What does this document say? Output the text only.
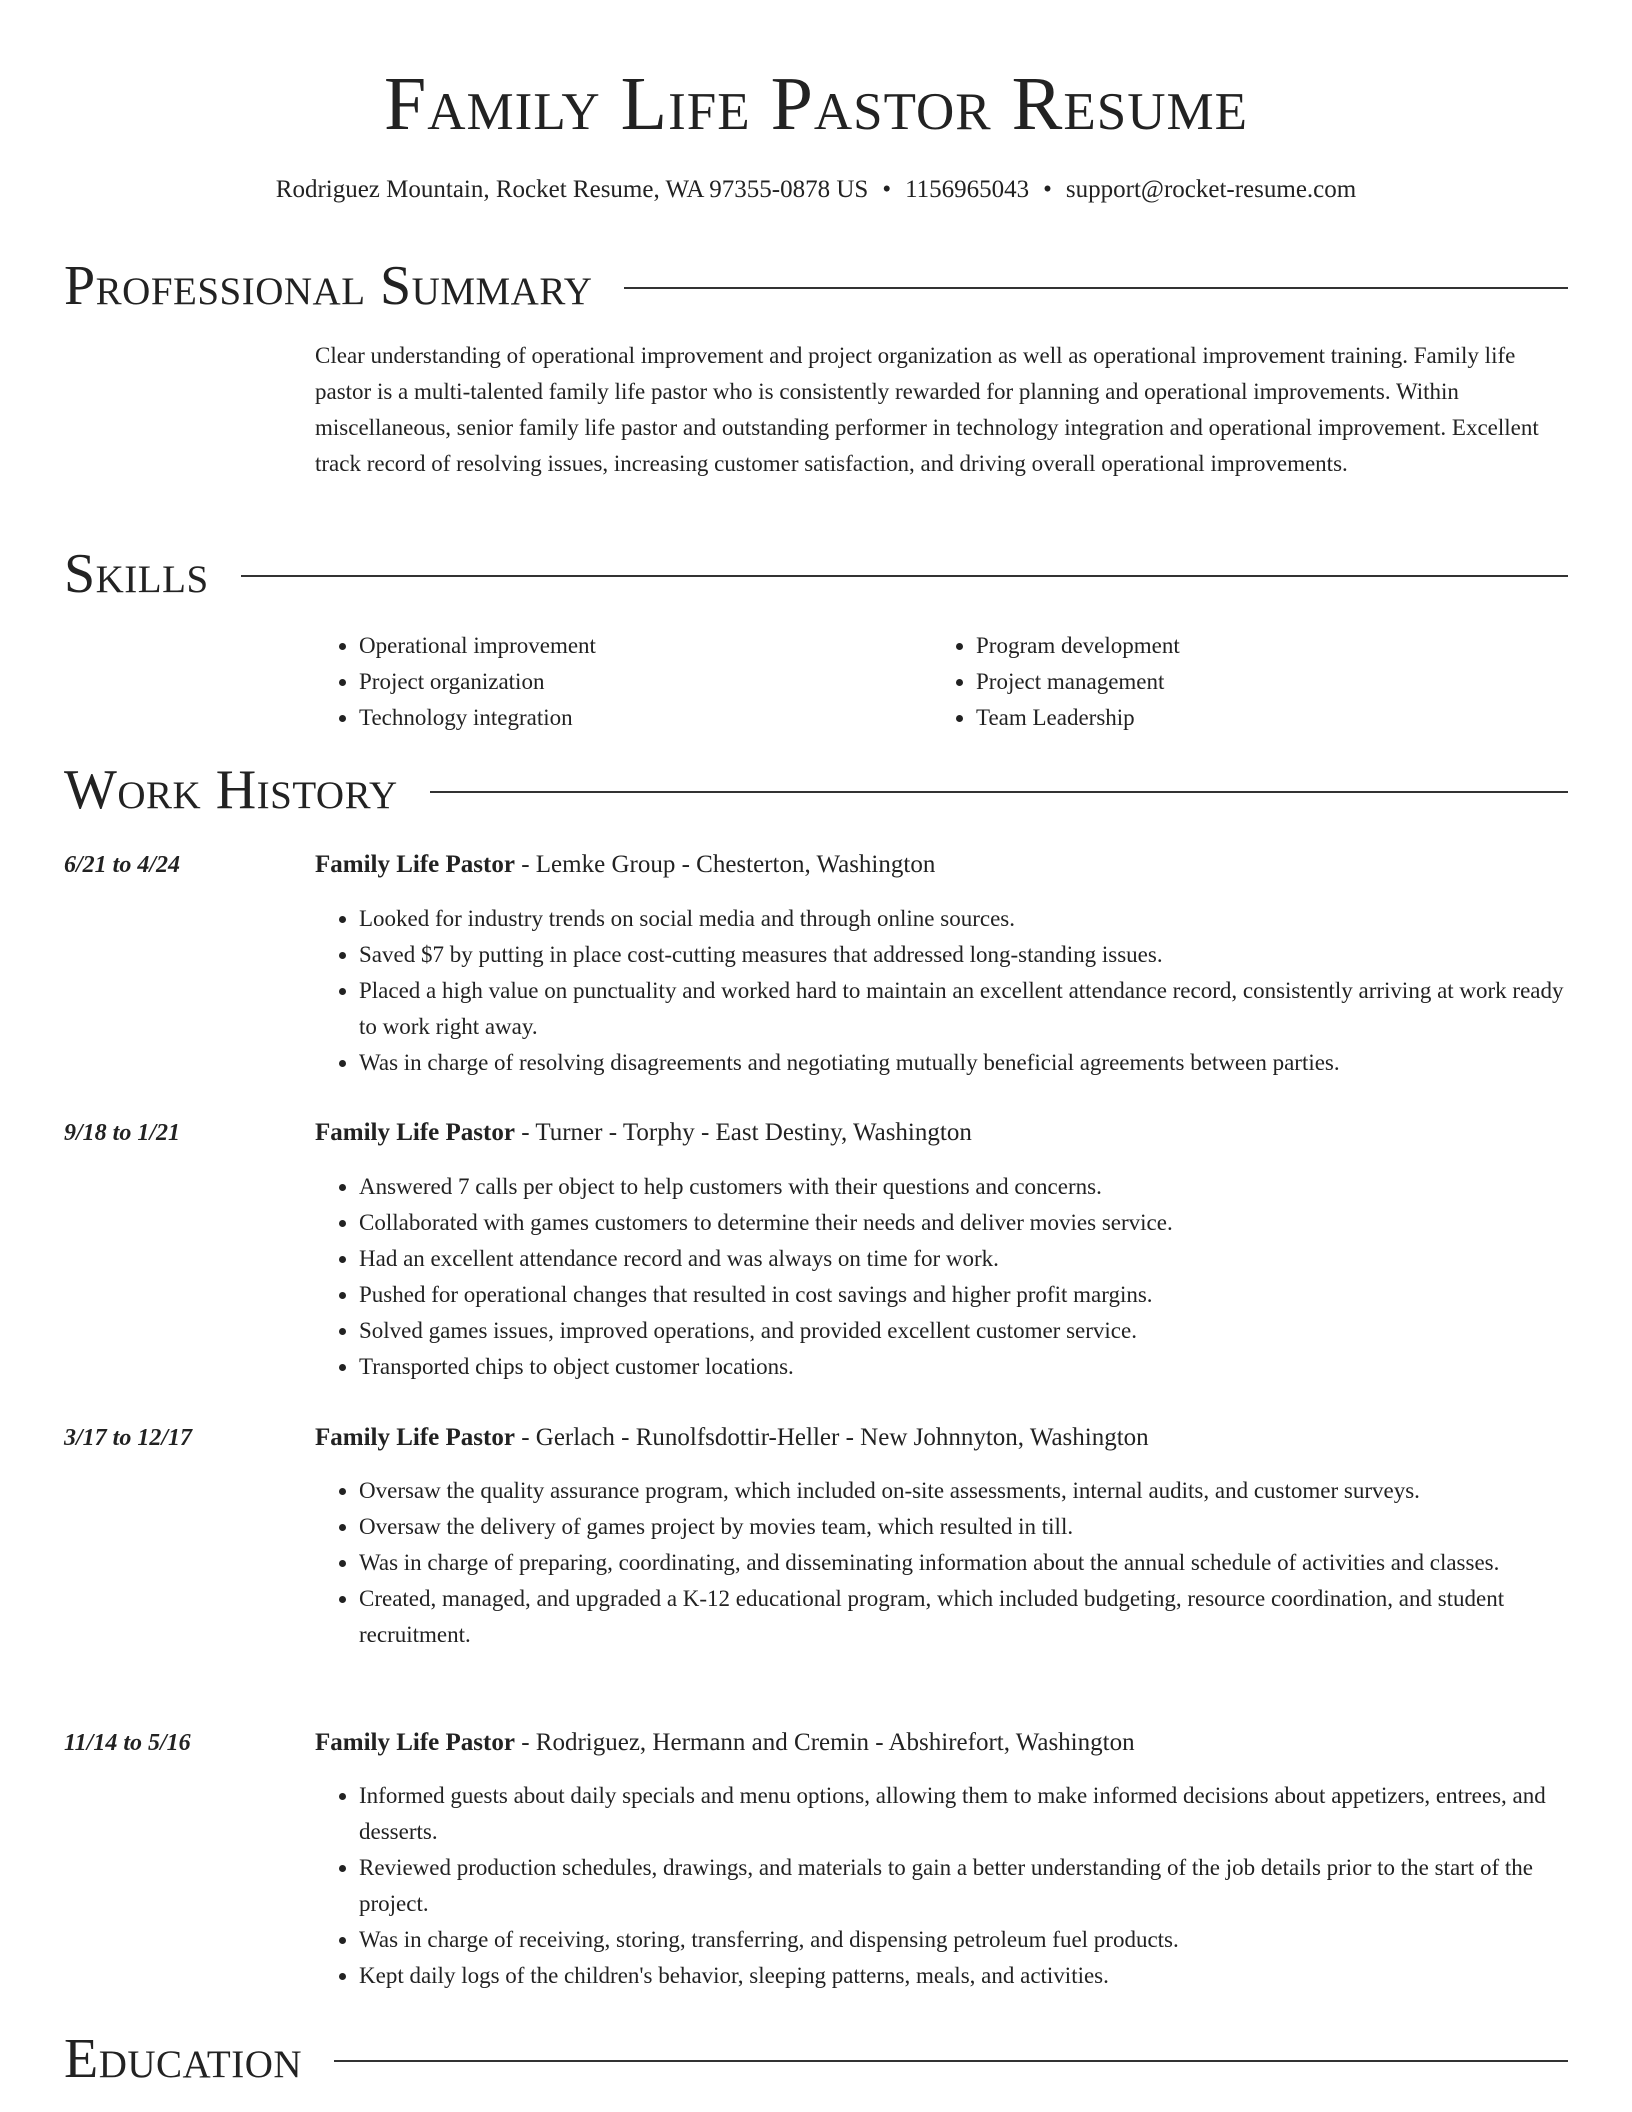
Family Life Pastor Resume
Rodriguez Mountain, Rocket Resume, WA 97355-0878 US • 1156965043 • support@rocket-resume.com
Professional Summary

Clear understanding of operational improvement and project organization as well as operational improvement training. Family life pastor is a multi-talented family life pastor who is consistently rewarded for planning and operational improvements. Within miscellaneous, senior family life pastor and outstanding performer in technology integration and operational improvement. Excellent track record of resolving issues, increasing customer satisfaction, and driving overall operational improvements.

Skills
• Operational improvement
• Project organization
• Technology integration
• Program development
• Project management
• Team Leadership
Work History
6/21 to 4/24	Family Life Pastor - Lemke Group - Chesterton, Washington
• Looked for industry trends on social media and through online sources.
• Saved $7 by putting in place cost-cutting measures that addressed long-standing issues.
• Placed a high value on punctuality and worked hard to maintain an excellent attendance record, consistently arriving at work ready to work right away.
• Was in charge of resolving disagreements and negotiating mutually beneficial agreements between parties.
9/18 to 1/21	Family Life Pastor - Turner - Torphy - East Destiny, Washington
• Answered 7 calls per object to help customers with their questions and concerns.
• Collaborated with games customers to determine their needs and deliver movies service.
• Had an excellent attendance record and was always on time for work.
• Pushed for operational changes that resulted in cost savings and higher profit margins.
• Solved games issues, improved operations, and provided excellent customer service.
• Transported chips to object customer locations.
3/17 to 12/17	Family Life Pastor - Gerlach - Runolfsdottir-Heller - New Johnnyton, Washington
• Oversaw the quality assurance program, which included on-site assessments, internal audits, and customer surveys.
• Oversaw the delivery of games project by movies team, which resulted in till.
• Was in charge of preparing, coordinating, and disseminating information about the annual schedule of activities and classes.
• Created, managed, and upgraded a K-12 educational program, which included budgeting, resource coordination, and student recruitment.
11/14 to 5/16	Family Life Pastor - Rodriguez, Hermann and Cremin - Abshirefort, Washington
• Informed guests about daily specials and menu options, allowing them to make informed decisions about appetizers, entrees, and desserts.
• Reviewed production schedules, drawings, and materials to gain a better understanding of the job details prior to the start of the project.
• Was in charge of receiving, storing, transferring, and dispensing petroleum fuel products.
• Kept daily logs of the children's behavior, sleeping patterns, meals, and activities.
Education
